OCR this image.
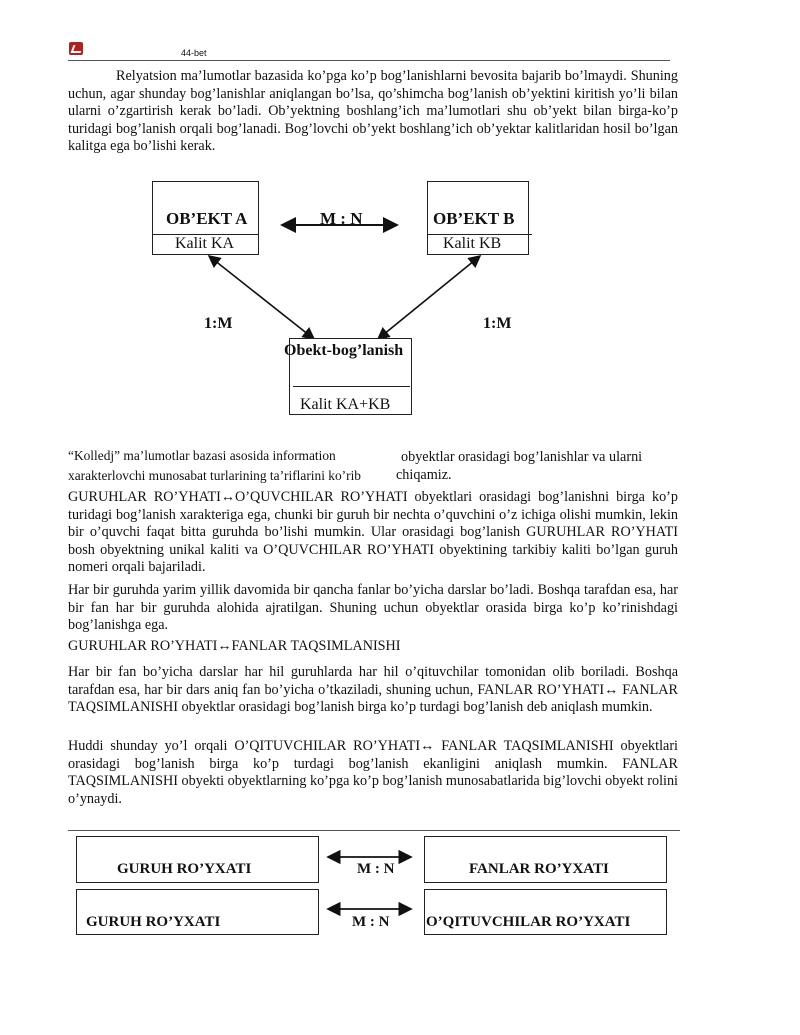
44-bet
Relyatsion ma’lumotlar bazasida ko’pga ko’p bog’lanishlarni bevosita bajarib bo’lmaydi. Shuning uchun, agar shunday bog’lanishlar aniqlangan bo’lsa, qo’shimcha bog’lanish ob’yektini kiritish yo’li bilan ularni o’zgartirish kerak bo’ladi. Ob’yektning boshlang’ich ma’lumotlari shu ob’yekt bilan birga-ko’p turidagi bog’lanish orqali bog’lanadi. Bog’lovchi ob’yekt boshlang’ich ob’yektar kalitlaridan hosil bo’lgan kalitga ega bo’lishi kerak.
OB’EKT A
Kalit KA
M : N	OB’EKT B
Kalit KB
1:M	1:M
Obekt-bog’lanish
Kalit KA+KB
“Kolledj” ma’lumotlar bazasi asosida information	obyektlar orasidagi bog’lanishlar va ularni
xarakterlovchi munosabat turlarining ta’riflarini ko’rib chiqamiz.
GURUHLAR RO’YHATI↔O’QUVCHILAR RO’YHATI obyektlari orasidagi bog’lanishni birga ko’p turidagi bog’lanish xarakteriga ega, chunki bir guruh bir nechta o’quvchini o’z ichiga olishi mumkin, lekin bir o’quvchi faqat bitta guruhda bo’lishi mumkin. Ular orasidagi bog’lanish GURUHLAR RO’YHATI bosh obyektning unikal kaliti va O’QUVCHILAR RO’YHATI obyektining tarkibiy kaliti bo’lgan guruh nomeri orqali bajariladi.
Har bir guruhda yarim yillik davomida bir qancha fanlar bo’yicha darslar bo’ladi. Boshqa tarafdan esa, har bir fan har bir guruhda alohida ajratilgan. Shuning uchun obyektlar orasida birga ko’p ko’rinishdagi bog’lanishga ega.
GURUHLAR RO’YHATI↔FANLAR TAQSIMLANISHI
Har bir fan bo’yicha darslar har hil guruhlarda har hil o’qituvchilar tomonidan olib boriladi. Boshqa tarafdan esa, har bir dars aniq fan bo’yicha o’tkaziladi, shuning uchun, FANLAR RO’YHATI↔ FANLAR TAQSIMLANISHI obyektlar orasidagi bog’lanish birga ko’p turdagi bog’lanish deb aniqlash mumkin.
Huddi shunday yo’l orqali O’QITUVCHILAR RO’YHATI↔ FANLAR TAQSIMLANISHI obyektlari orasidagi bog’lanish birga ko’p turdagi bog’lanish ekanligini aniqlash mumkin. FANLAR TAQSIMLANISHI obyekti obyektlarning ko’pga ko’p bog’lanish munosabatlarida big’lovchi obyekt rolini o’ynaydi.
GURUH RO’YXATI	M : N	FANLAR RO’YXATI
GURUH RO’YXATI	M : N O’QITUVCHILAR RO’YXATI
